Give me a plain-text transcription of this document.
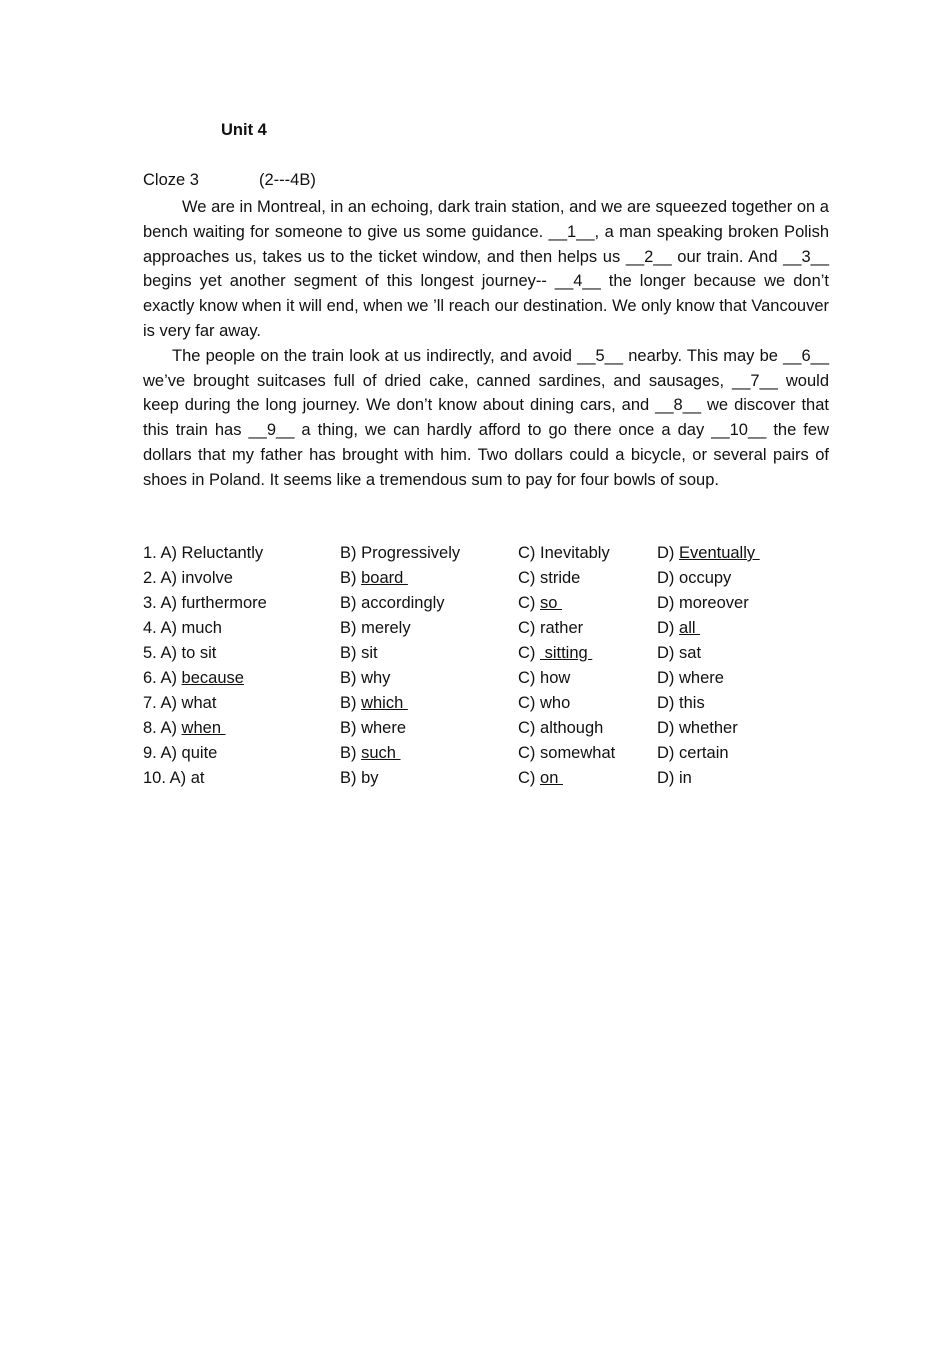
Unit 4
Cloze 3	(2---4B)

We are in Montreal, in an echoing, dark train station, and we are squeezed together on a bench waiting for someone to give us some guidance. __1__, a man speaking broken Polish approaches us, takes us to the ticket window, and then helps us __2__ our train. And __3__ begins yet another segment of this longest journey-- __4__ the longer because we don’t exactly know when it will end, when we ’ll reach our destination. We only know that Vancouver is very far away.

The people on the train look at us indirectly, and avoid __5__ nearby. This may be __6__ we’ve brought suitcases full of dried cake, canned sardines, and sausages, __7__ would keep during the long journey. We don’t know about dining cars, and __8__ we discover that this train has __9__ a thing, we can hardly afford to go there once a day __10__ the few dollars that my father has brought with him. Two dollars could a bicycle, or several pairs of shoes in Poland. It seems like a tremendous sum to pay for four bowls of soup.

1. A) Reluctantly	B) Progressively	C) Inevitably	D) Eventually
2. A) involve	B) board	C) stride	D) occupy
3. A) furthermore	B) accordingly	C) so	D) moreover
4. A) much	B) merely	C) rather	D) all
5. A) to sit	B) sit	C)  sitting	D) sat
6. A) because	B) why	C) how	D) where
7. A) what	B) which	C) who	D) this
8. A) when	B) where	C) although	D) whether
9. A) quite	B) such	C) somewhat	D) certain
10. A) at	B) by	C) on	D) in
